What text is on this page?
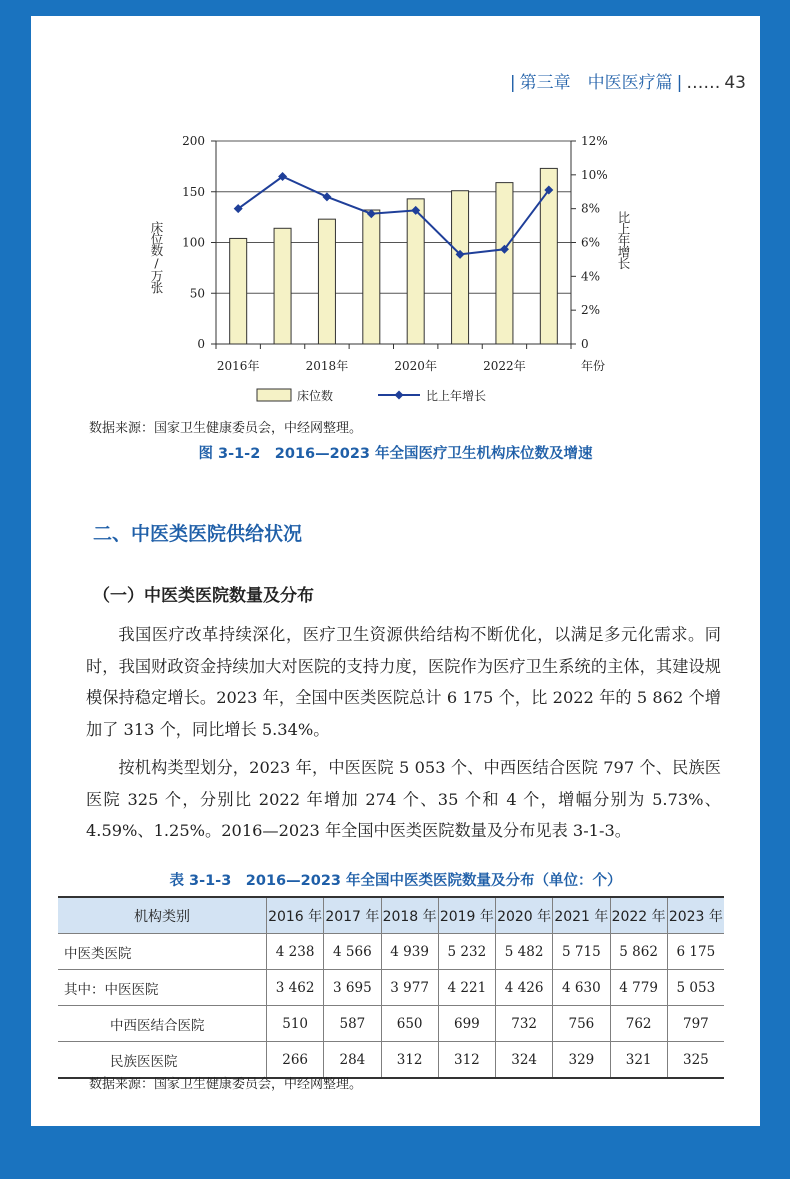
| 第三章　中医医疗篇 | …… 43
0
50
100
150
200
0
2%
4%
6%
8%
10%
12%
2016年	2018年	2020年	2022年	年份
床位数	比上年增长
床位数/万张	比上年增长
数据来源：国家卫生健康委员会，中经网整理。
图 3-1-2　2016—2023 年全国医疗卫生机构床位数及增速
二、中医类医院供给状况
（一）中医类医院数量及分布
我国医疗改革持续深化，医疗卫生资源供给结构不断优化，以满足多元化需求。同时，我国财政资金持续加大对医院的支持力度，医院作为医疗卫生系统的主体，其建设规模保持稳定增长。2023 年，全国中医类医院总计 6 175 个，比 2022 年的 5 862 个增加了 313 个，同比增长 5.34%。
按机构类型划分，2023 年，中医医院 5 053 个、中西医结合医院 797 个、民族医医院 325 个，分别比 2022 年增加 274 个、35 个和 4 个，增幅分别为 5.73%、4.59%、1.25%。2016—2023 年全国中医类医院数量及分布见表 3-1-3。
表 3-1-3　2016—2023 年全国中医类医院数量及分布（单位：个）
机构类别	2016 年	2017 年	2018 年	2019 年	2020 年	2021 年	2022 年	2023 年
中医类医院	4 238	4 566	4 939	5 232	5 482	5 715	5 862	6 175
其中：中医医院	3 462	3 695	3 977	4 221	4 426	4 630	4 779	5 053
中西医结合医院	510	587	650	699	732	756	762	797
民族医医院	266	284	312	312	324	329	321	325
数据来源：国家卫生健康委员会，中经网整理。
